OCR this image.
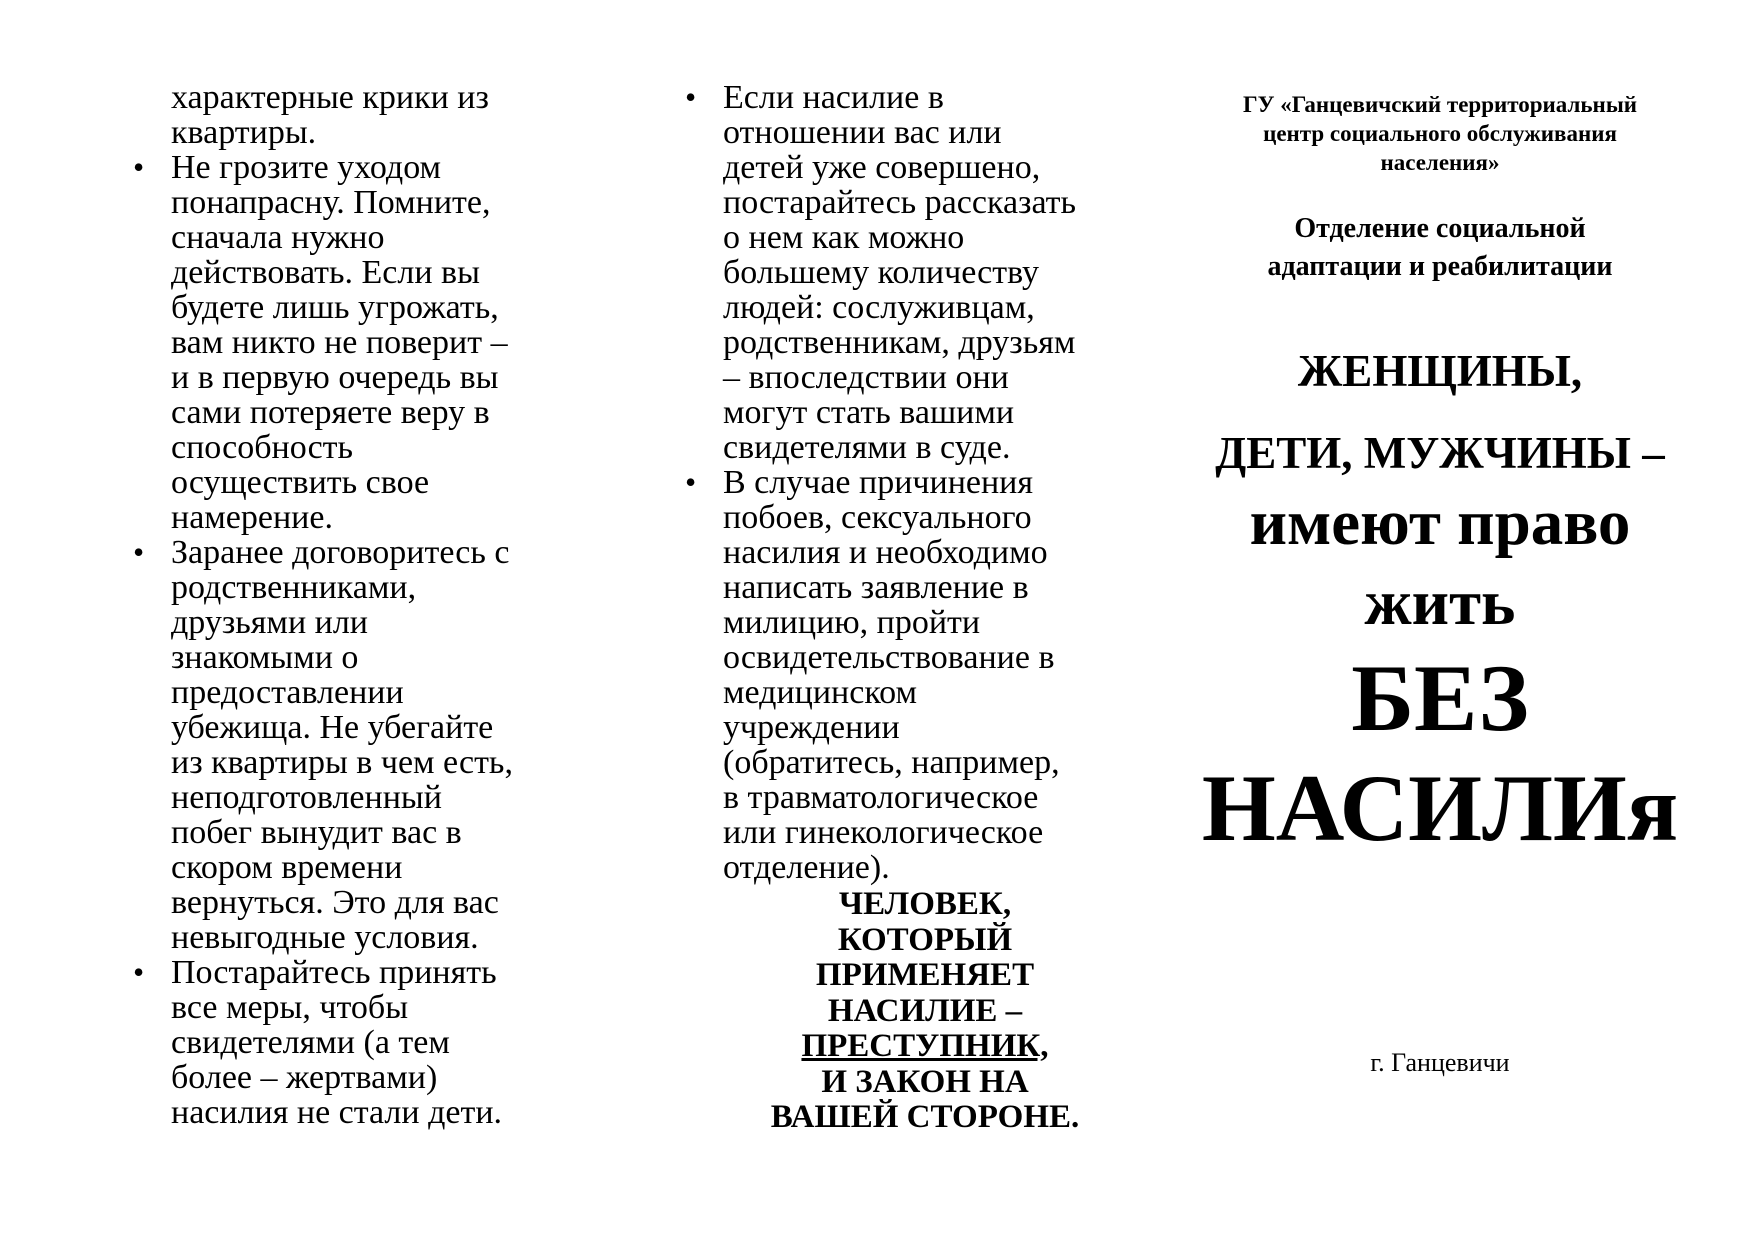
характерные крики из
квартиры.
• Не грозите уходом
понапрасну. Помните,
сначала нужно
действовать. Если вы
будете лишь угрожать,
вам никто не поверит –
и в первую очередь вы
сами потеряете веру в
способность
осуществить свое
намерение.
• Заранее договоритесь с
родственниками,
друзьями или
знакомыми о
предоставлении
убежища. Не убегайте
из квартиры в чем есть,
неподготовленный
побег вынудит вас в
скором времени
вернуться. Это для вас
невыгодные условия.
• Постарайтесь принять
все меры, чтобы
свидетелями (а тем
более – жертвами)
насилия не стали дети.
• Если насилие в
отношении вас или
детей уже совершено,
постарайтесь рассказать
о нем как можно
большему количеству
людей: сослуживцам,
родственникам, друзьям
– впоследствии они
могут стать вашими
свидетелями в суде.
• В случае причинения
побоев, сексуального
насилия и необходимо
написать заявление в
милицию, пройти
освидетельствование в
медицинском
учреждении
(обратитесь, например,
в травматологическое
или гинекологическое
отделение).
ЧЕЛОВЕК,
КОТОРЫЙ
ПРИМЕНЯЕТ
НАСИЛИЕ –
ПРЕСТУПНИК,
И ЗАКОН НА
ВАШЕЙ СТОРОНЕ.
ГУ «Ганцевичский территориальный
центр социального обслуживания
населения»
Отделение социальной
адаптации и реабилитации
ЖЕНЩИНЫ,
ДЕТИ, МУЖЧИНЫ –
имеют право
жить
БЕЗ
НАСИЛИя
г. Ганцевичи
